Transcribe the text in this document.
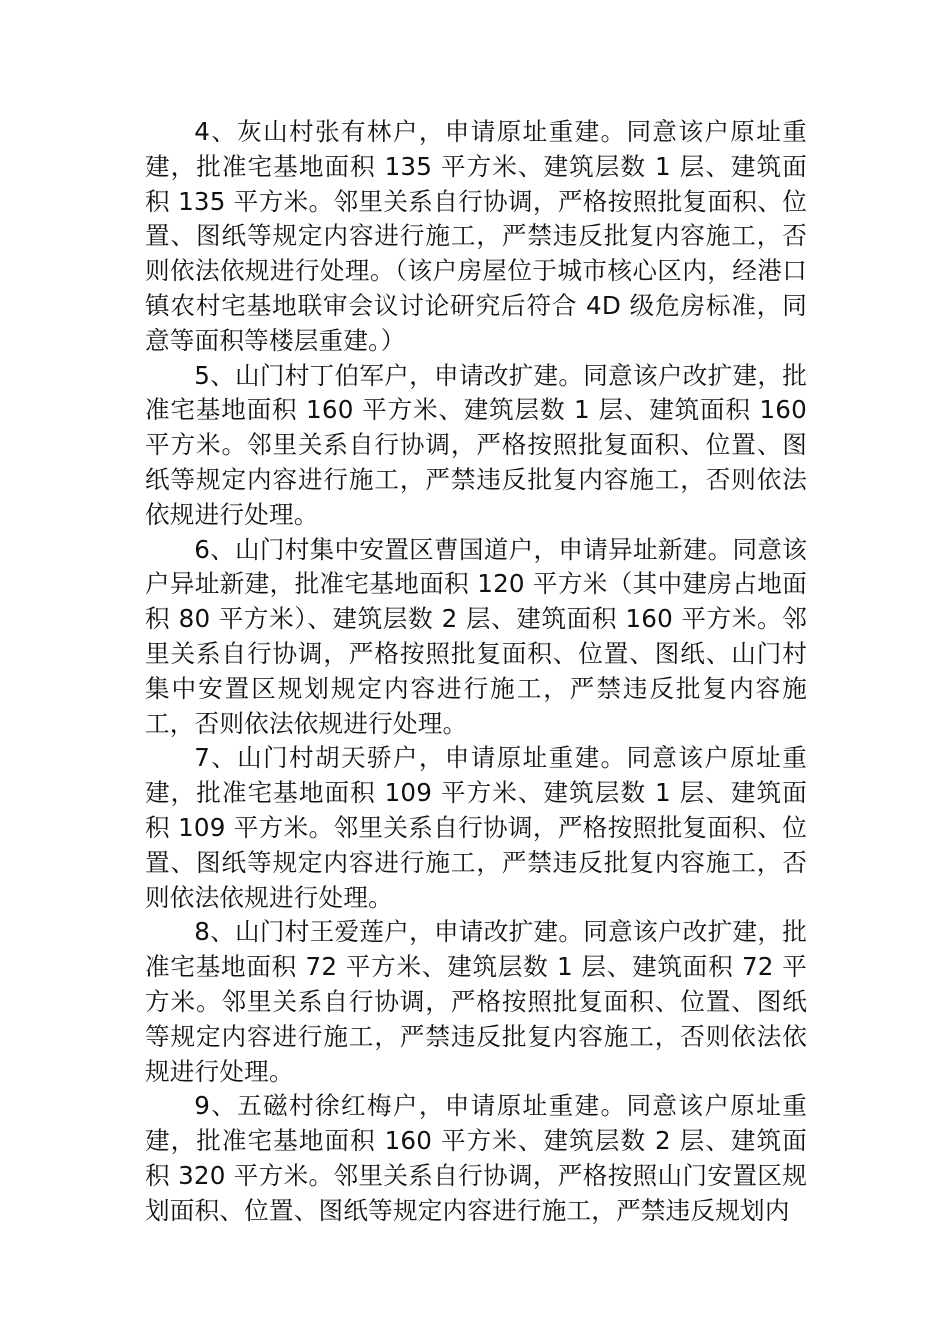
4、灰山村张有林户，申请原址重建。同意该户原址重建，批准宅基地面积 135 平方米、建筑层数 1 层、建筑面积 135 平方米。邻里关系自行协调，严格按照批复面积、位置、图纸等规定内容进行施工，严禁违反批复内容施工，否则依法依规进行处理。（该户房屋位于城市核心区内，经港口镇农村宅基地联审会议讨论研究后符合 4D 级危房标准，同意等面积等楼层重建。）

5、山门村丁伯军户，申请改扩建。同意该户改扩建，批准宅基地面积 160 平方米、建筑层数 1 层、建筑面积 160 平方米。邻里关系自行协调，严格按照批复面积、位置、图纸等规定内容进行施工，严禁违反批复内容施工，否则依法依规进行处理。

6、山门村集中安置区曹国道户，申请异址新建。同意该户异址新建，批准宅基地面积 120 平方米（其中建房占地面积 80 平方米）、建筑层数 2 层、建筑面积 160 平方米。邻里关系自行协调，严格按照批复面积、位置、图纸、山门村集中安置区规划规定内容进行施工，严禁违反批复内容施工，否则依法依规进行处理。

7、山门村胡天骄户，申请原址重建。同意该户原址重建，批准宅基地面积 109 平方米、建筑层数 1 层、建筑面积 109 平方米。邻里关系自行协调，严格按照批复面积、位置、图纸等规定内容进行施工，严禁违反批复内容施工，否则依法依规进行处理。

8、山门村王爱莲户，申请改扩建。同意该户改扩建，批准宅基地面积 72 平方米、建筑层数 1 层、建筑面积 72 平方米。邻里关系自行协调，严格按照批复面积、位置、图纸等规定内容进行施工，严禁违反批复内容施工，否则依法依规进行处理。

9、五磁村徐红梅户，申请原址重建。同意该户原址重建，批准宅基地面积 160 平方米、建筑层数 2 层、建筑面积 320 平方米。邻里关系自行协调，严格按照山门安置区规划面积、位置、图纸等规定内容进行施工，严禁违反规划内
